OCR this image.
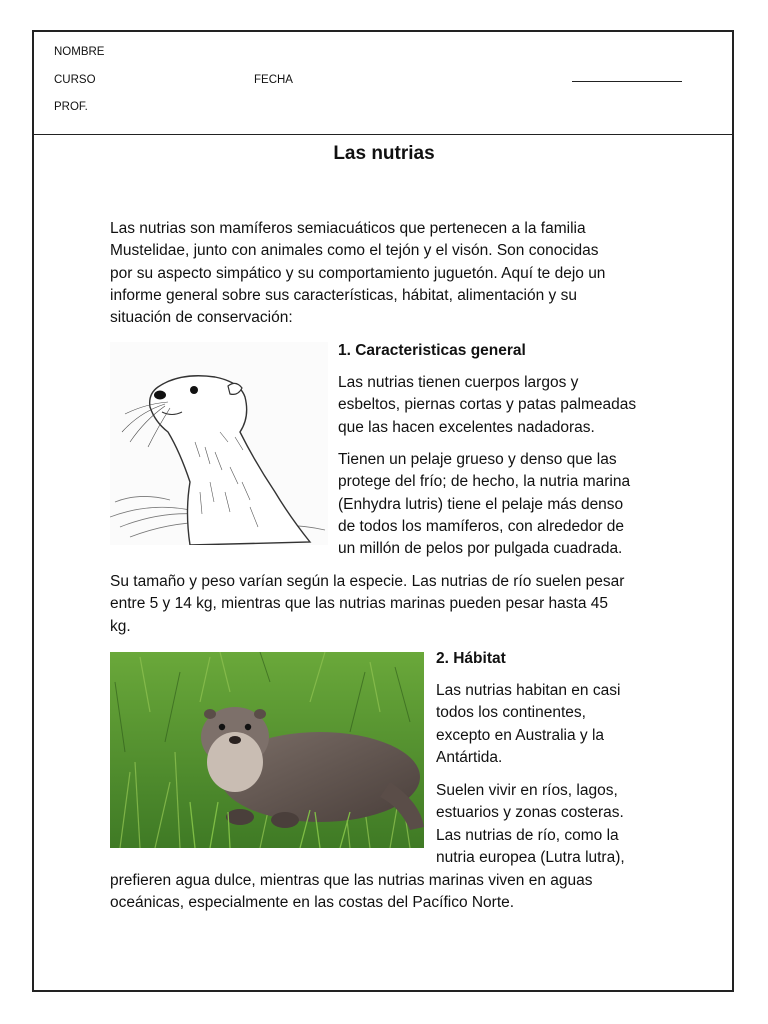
NOMBRE
CURSO	FECHA
PROF.
Las nutrias
Las nutrias son mamíferos semiacuáticos que pertenecen a la familia
Mustelidae, junto con animales como el tejón y el visón. Son conocidas
por su aspecto simpático y su comportamiento juguetón. Aquí te dejo un
informe general sobre sus características, hábitat, alimentación y su
situación de conservación:
1. Caracteristicas general
Las nutrias tienen cuerpos largos y
esbeltos, piernas cortas y patas palmeadas
que las hacen excelentes nadadoras.
Tienen un pelaje grueso y denso que las
protege del frío; de hecho, la nutria marina
(Enhydra lutris) tiene el pelaje más denso
de todos los mamíferos, con alrededor de
un millón de pelos por pulgada cuadrada.
Su tamaño y peso varían según la especie. Las nutrias de río suelen pesar
entre 5 y 14 kg, mientras que las nutrias marinas pueden pesar hasta 45
kg.
2. Hábitat
Las nutrias habitan en casi
todos los continentes,
excepto en Australia y la
Antártida.
Suelen vivir en ríos, lagos,
estuarios y zonas costeras.
Las nutrias de río, como la
nutria europea (Lutra lutra),
prefieren agua dulce, mientras que las nutrias marinas viven en aguas
oceánicas, especialmente en las costas del Pacífico Norte.
